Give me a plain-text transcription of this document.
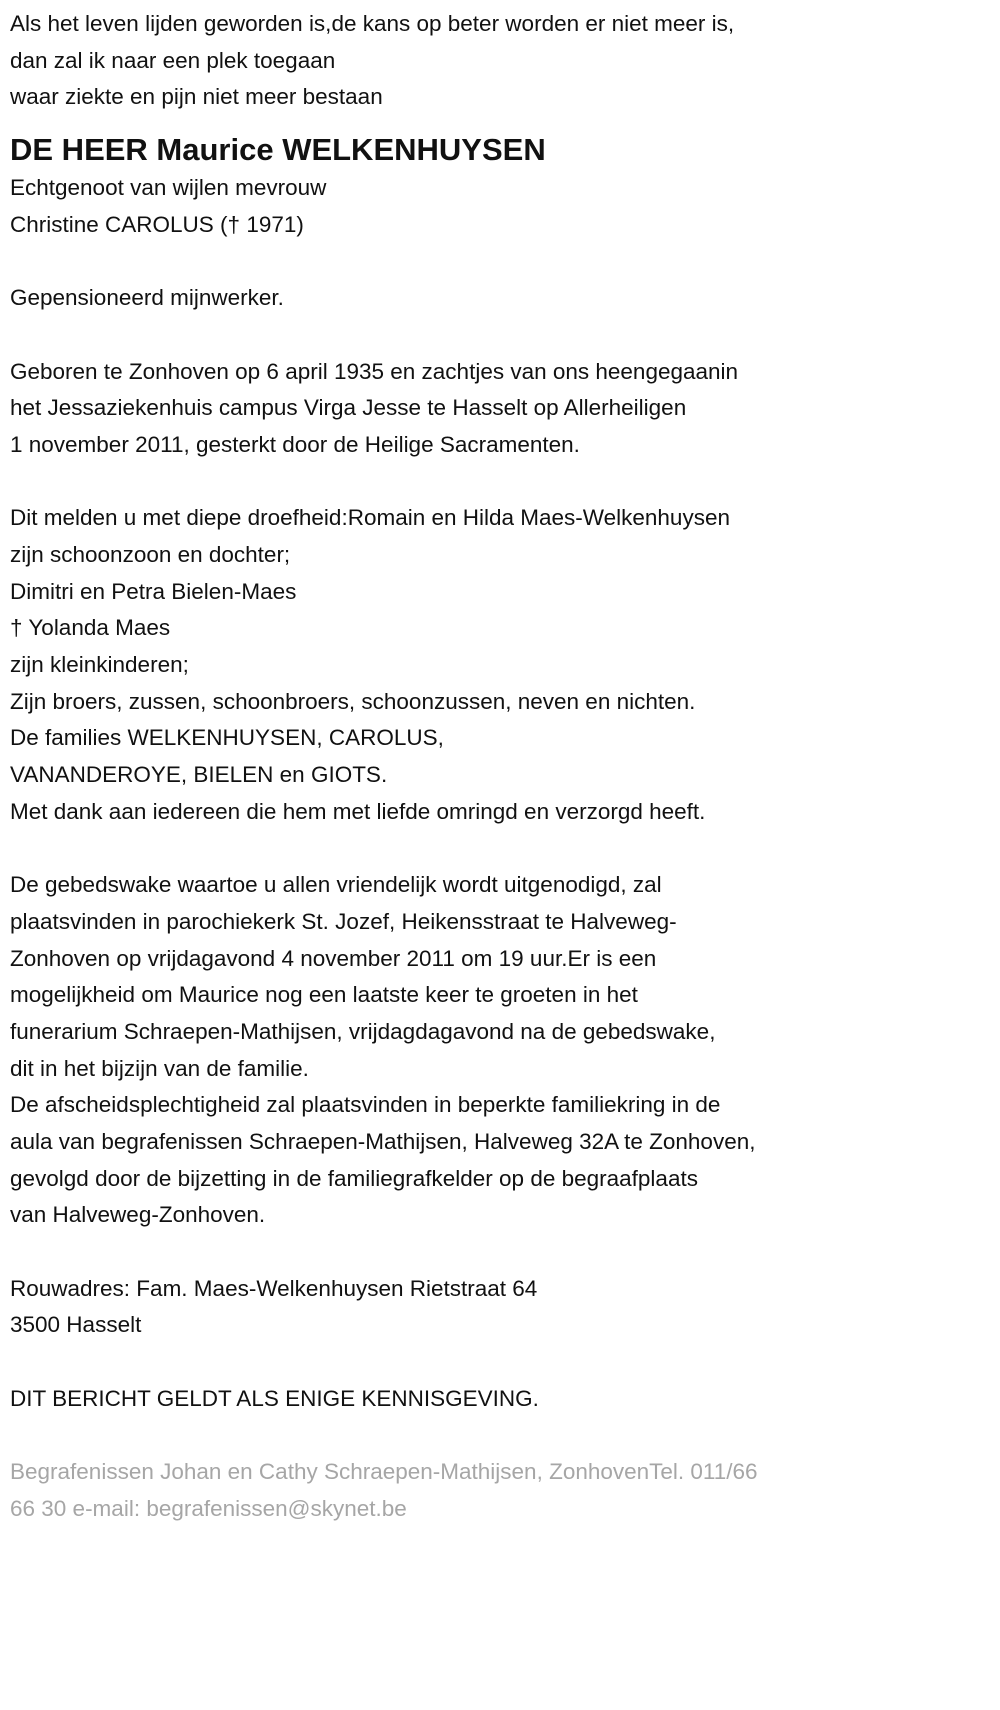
Als het leven lijden geworden is,de kans op beter worden er niet meer is,
dan zal ik naar een plek toegaan
waar ziekte en pijn niet meer bestaan
DE HEER Maurice WELKENHUYSEN
Echtgenoot van wijlen mevrouw
Christine CAROLUS († 1971)
Gepensioneerd mijnwerker.
Geboren te Zonhoven op 6 april 1935 en zachtjes van ons heengegaanin
het Jessaziekenhuis campus Virga Jesse te Hasselt op Allerheiligen
1 november 2011, gesterkt door de Heilige Sacramenten.
Dit melden u met diepe droefheid:Romain en Hilda Maes-Welkenhuysen
zijn schoonzoon en dochter;
Dimitri en Petra Bielen-Maes
† Yolanda Maes
zijn kleinkinderen;
Zijn broers, zussen, schoonbroers, schoonzussen, neven en nichten.
De families WELKENHUYSEN, CAROLUS,
VANANDEROYE, BIELEN en GIOTS.
Met dank aan iedereen die hem met liefde omringd en verzorgd heeft.
De gebedswake waartoe u allen vriendelijk wordt uitgenodigd, zal
plaatsvinden in parochiekerk St. Jozef, Heikensstraat te Halveweg-
Zonhoven op vrijdagavond 4 november 2011 om 19 uur.Er is een
mogelijkheid om Maurice nog een laatste keer te groeten in het
funerarium Schraepen-Mathijsen, vrijdagdagavond na de gebedswake,
dit in het bijzijn van de familie.
De afscheidsplechtigheid zal plaatsvinden in beperkte familiekring in de
aula van begrafenissen Schraepen-Mathijsen, Halveweg 32A te Zonhoven,
gevolgd door de bijzetting in de familiegrafkelder op de begraafplaats
van Halveweg-Zonhoven.
Rouwadres: Fam. Maes-Welkenhuysen Rietstraat 64
3500 Hasselt
DIT BERICHT GELDT ALS ENIGE KENNISGEVING.
Begrafenissen Johan en Cathy Schraepen-Mathijsen, ZonhovenTel. 011/66
66 30 e-mail: begrafenissen@skynet.be
